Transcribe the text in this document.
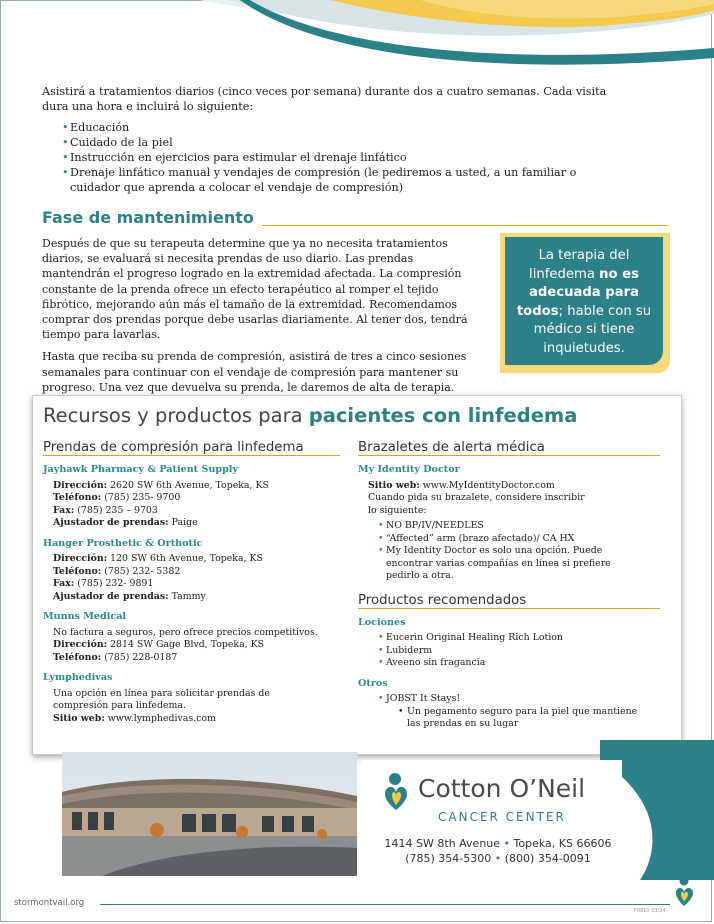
Asistirá a tratamientos diarios (cinco veces por semana) durante dos a cuatro semanas. Cada visita dura una hora e incluirá lo siguiente:

• Educación
• Cuidado de la piel
• Instrucción en ejercicios para estimular el drenaje linfático
• Drenaje linfático manual y vendajes de compresión (le pediremos a usted, a un familiar o cuidador que aprenda a colocar el vendaje de compresión)
Fase de mantenimiento

Después de que su terapeuta determine que ya no necesita tratamientos diarios, se evaluará si necesita prendas de uso diario. Las prendas mantendrán el progreso logrado en la extremidad afectada. La compresión constante de la prenda ofrece un efecto terapéutico al romper el tejido fibrótico, mejorando aún más el tamaño de la extremidad. Recomendamos comprar dos prendas porque debe usarlas diariamente. Al tener dos, tendrá tiempo para lavarlas.

Hasta que reciba su prenda de compresión, asistirá de tres a cinco sesiones semanales para continuar con el vendaje de compresión para mantener su progreso. Una vez que devuelva su prenda, le daremos de alta de terapia.

La terapia del linfedema no es adecuada para todos; hable con su médico si tiene inquietudes.
Recursos y productos para pacientes con linfedema
Prendas de compresión para linfedema
Jayhawk Pharmacy & Patient Supply
Dirección: 2620 SW 6th Avenue, Topeka, KS
Teléfono: (785) 235- 9700
Fax: (785) 235 – 9703
Ajustador de prendas: Paige
Hanger Prosthetic & Orthotic
Dirección: 120 SW 6th Avenue, Topeka, KS
Teléfono: (785) 232- 5382
Fax: (785) 232- 9891
Ajustador de prendas: Tammy
Munns Medical
No factura a seguros, pero ofrece precios competitivos.
Dirección: 2814 SW Gage Blvd, Topeka, KS
Teléfono: (785) 228-0187
Lymphedivas
Una opción en línea para solicitar prendas de compresión para linfedema.
Sitio web: www.lymphedivas.com
Brazaletes de alerta médica
My Identity Doctor
Sitio web: www.MyIdentityDoctor.com
Cuando pida su brazalete, considere inscribir lo siguiente:
• NO BP/IV/NEEDLES
• “Affected” arm (brazo afectado)/ CA HX
• My Identity Doctor es solo una opción. Puede encontrar varias compañías en línea si prefiere pedirlo a otra.
Productos recomendados
Lociones
• Eucerin Original Healing Rich Lotion
• Lubiderm
• Aveeno sin fragancia
Otros
• JOBST It Stays!
• Un pegamento seguro para la piel que mantiene las prendas en su lugar
Cotton O’Neil
CANCER CENTER
1414 SW 8th Avenue • Topeka, KS 66606
(785) 354-5300 • (800) 354-0091
stormontvail.org
F0810 03/24
